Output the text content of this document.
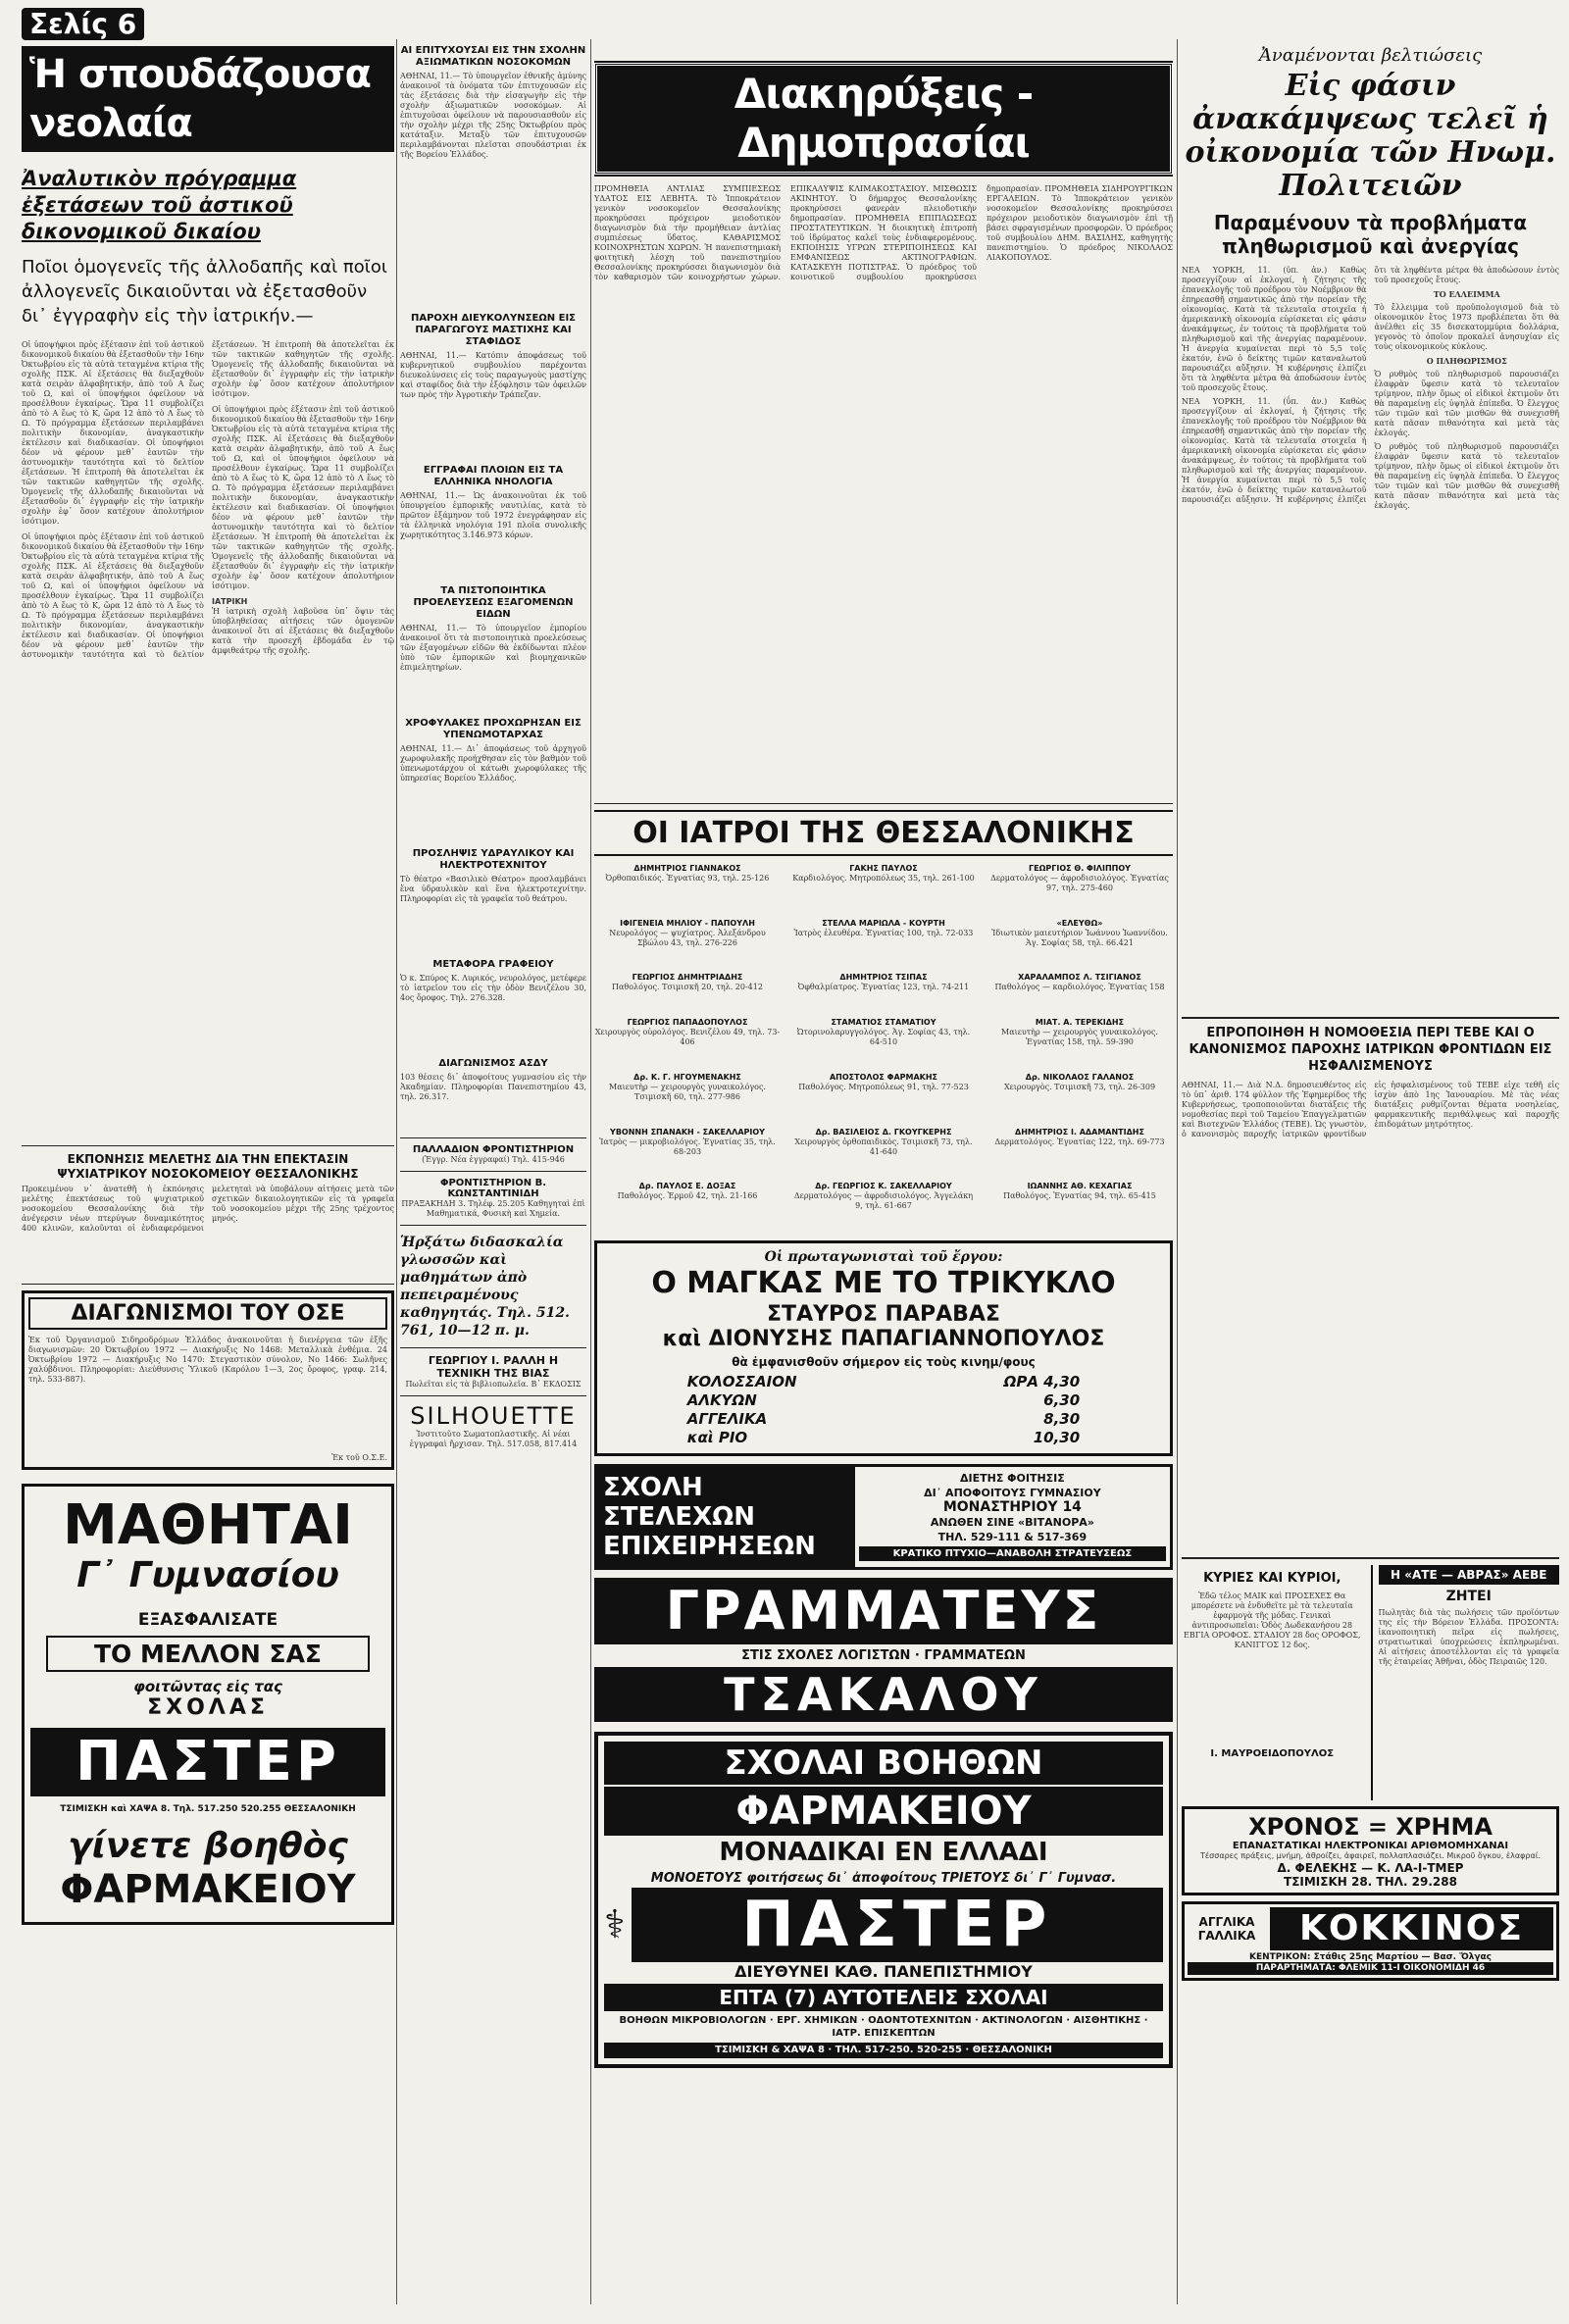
Σελίς 6
Ἡ σπουδάζουσα νεολαία
Ἀναλυτικὸν πρόγραμμα ἐξετάσεων τοῦ ἀστικοῦ δικονομικοῦ δικαίου

Ποῖοι ὁμογενεῖς τῆς ἀλλοδαπῆς καὶ ποῖοι ἀλλογενεῖς δικαιοῦνται νὰ ἐξετασθοῦν δι᾽ ἐγγραφὴν εἰς τὴν ἰατρικήν.—

Οἱ ὑποψήφιοι πρὸς ἐξέτασιν ἐπὶ τοῦ ἀστικοῦ δικονομικοῦ δικαίου θὰ ἐξετασθοῦν τὴν 16ην Ὀκτωβρίου εἰς τὰ αὐτὰ τεταγμένα κτίρια τῆς σχολῆς ΠΣΚ. Αἱ ἐξετάσεις θὰ διεξαχθοῦν κατὰ σειρὰν ἀλφαβητικήν, ἀπὸ τοῦ Α ἕως τοῦ Ω, καὶ οἱ ὑποψήφιοι ὀφείλουν νὰ προσέλθουν ἐγκαίρως. Ὥρα 11 συμβολίζει ἀπὸ τὸ Α ἕως τὸ Κ, ὥρα 12 ἀπὸ τὸ Λ ἕως τὸ Ω. Τὸ πρόγραμμα ἐξετάσεων περιλαμβάνει πολιτικὴν δικονομίαν, ἀναγκαστικὴν ἐκτέλεσιν καὶ διαδικασίαν. Οἱ ὑποψήφιοι δέον νὰ φέρουν μεθ᾽ ἑαυτῶν τὴν ἀστυνομικὴν ταυτότητα καὶ τὸ δελτίον ἐξετάσεων. Ἡ ἐπιτροπὴ θὰ ἀποτελεῖται ἐκ τῶν τακτικῶν καθηγητῶν τῆς σχολῆς. Ὁμογενεῖς τῆς ἀλλοδαπῆς δικαιοῦνται νὰ ἐξετασθοῦν δι᾽ ἐγγραφὴν εἰς τὴν ἰατρικὴν σχολὴν ἐφ᾽ ὅσον κατέχουν ἀπολυτήριον ἰσότιμον.

Οἱ ὑποψήφιοι πρὸς ἐξέτασιν ἐπὶ τοῦ ἀστικοῦ δικονομικοῦ δικαίου θὰ ἐξετασθοῦν τὴν 16ην Ὀκτωβρίου εἰς τὰ αὐτὰ τεταγμένα κτίρια τῆς σχολῆς ΠΣΚ. Αἱ ἐξετάσεις θὰ διεξαχθοῦν κατὰ σειρὰν ἀλφαβητικήν, ἀπὸ τοῦ Α ἕως τοῦ Ω, καὶ οἱ ὑποψήφιοι ὀφείλουν νὰ προσέλθουν ἐγκαίρως. Ὥρα 11 συμβολίζει ἀπὸ τὸ Α ἕως τὸ Κ, ὥρα 12 ἀπὸ τὸ Λ ἕως τὸ Ω. Τὸ πρόγραμμα ἐξετάσεων περιλαμβάνει πολιτικὴν δικονομίαν, ἀναγκαστικὴν ἐκτέλεσιν καὶ διαδικασίαν. Οἱ ὑποψήφιοι δέον νὰ φέρουν μεθ᾽ ἑαυτῶν τὴν ἀστυνομικὴν ταυτότητα καὶ τὸ δελτίον ἐξετάσεων. Ἡ ἐπιτροπὴ θὰ ἀποτελεῖται ἐκ τῶν τακτικῶν καθηγητῶν τῆς σχολῆς. Ὁμογενεῖς τῆς ἀλλοδαπῆς δικαιοῦνται νὰ ἐξετασθοῦν δι᾽ ἐγγραφὴν εἰς τὴν ἰατρικὴν σχολὴν ἐφ᾽ ὅσον κατέχουν ἀπολυτήριον ἰσότιμον.

Οἱ ὑποψήφιοι πρὸς ἐξέτασιν ἐπὶ τοῦ ἀστικοῦ δικονομικοῦ δικαίου θὰ ἐξετασθοῦν τὴν 16ην Ὀκτωβρίου εἰς τὰ αὐτὰ τεταγμένα κτίρια τῆς σχολῆς ΠΣΚ. Αἱ ἐξετάσεις θὰ διεξαχθοῦν κατὰ σειρὰν ἀλφαβητικήν, ἀπὸ τοῦ Α ἕως τοῦ Ω, καὶ οἱ ὑποψήφιοι ὀφείλουν νὰ προσέλθουν ἐγκαίρως. Ὥρα 11 συμβολίζει ἀπὸ τὸ Α ἕως τὸ Κ, ὥρα 12 ἀπὸ τὸ Λ ἕως τὸ Ω. Τὸ πρόγραμμα ἐξετάσεων περιλαμβάνει πολιτικὴν δικονομίαν, ἀναγκαστικὴν ἐκτέλεσιν καὶ διαδικασίαν. Οἱ ὑποψήφιοι δέον νὰ φέρουν μεθ᾽ ἑαυτῶν τὴν ἀστυνομικὴν ταυτότητα καὶ τὸ δελτίον ἐξετάσεων. Ἡ ἐπιτροπὴ θὰ ἀποτελεῖται ἐκ τῶν τακτικῶν καθηγητῶν τῆς σχολῆς. Ὁμογενεῖς τῆς ἀλλοδαπῆς δικαιοῦνται νὰ ἐξετασθοῦν δι᾽ ἐγγραφὴν εἰς τὴν ἰατρικὴν σχολὴν ἐφ᾽ ὅσον κατέχουν ἀπολυτήριον ἰσότιμον.

ΙΑΤΡΙΚΗ

Ἡ ἰατρικὴ σχολὴ λαβοῦσα ὑπ᾽ ὄψιν τὰς ὑποβληθείσας αἰτήσεις τῶν ὁμογενῶν ἀνακοινοῖ ὅτι αἱ ἐξετάσεις θὰ διεξαχθοῦν κατὰ τὴν προσεχῆ ἑβδομάδα ἐν τῷ ἀμφιθεάτρῳ τῆς σχολῆς.

ΕΚΠΟΝΗΣΙΣ ΜΕΛΕΤΗΣ ΔΙΑ ΤΗΝ ΕΠΕΚΤΑΣΙΝ ΨΥΧΙΑΤΡΙΚΟΥ ΝΟΣΟΚΟΜΕΙΟΥ ΘΕΣΣΑΛΟΝΙΚΗΣ

Προκειμένου ν᾽ ἀνατεθῆ ἡ ἐκπόνησις μελέτης ἐπεκτάσεως τοῦ ψυχιατρικοῦ νοσοκομείου Θεσσαλονίκης διὰ τὴν ἀνέγερσιν νέων πτερύγων δυναμικότητος 400 κλινῶν, καλοῦνται οἱ ἐνδιαφερόμενοι μελετηταὶ νὰ ὑποβάλουν αἰτήσεις μετὰ τῶν σχετικῶν δικαιολογητικῶν εἰς τὰ γραφεῖα τοῦ νοσοκομείου μέχρι τῆς 25ης τρέχοντος μηνός.

ΔΙΑΓΩΝΙΣΜΟΙ ΤΟΥ ΟΣΕ

Ἐκ τοῦ Ὀργανισμοῦ Σιδηροδρόμων Ἑλλάδος ἀνακοινοῦται ἡ διενέργεια τῶν ἑξῆς διαγωνισμῶν: 20 Ὀκτωβρίου 1972 — Διακήρυξις Νο 1468: Μεταλλικὰ ἐνθέμια. 24 Ὀκτωβρίου 1972 — Διακήρυξις Νο 1470: Στεγαστικὸν σύνολον, Νο 1466: Σωλῆνες χαλύβδινοι. Πληροφορίαι: Διεύθυνσις Ὑλικοῦ (Καρόλου 1—3, 2ος ὄροφος, γραφ. 214, τηλ. 533-887).

Ἐκ τοῦ Ο.Σ.Ε.

ΜΑΘΗΤΑΙ
Γ᾽ Γυμνασίου
ΕΞΑΣΦΑΛΙΣΑΤΕ
ΤΟ ΜΕΛΛΟΝ ΣΑΣ
φοιτῶντας εἰς τας
ΣΧΟΛΑΣ
ΠΑΣΤΕΡ
ΤΣΙΜΙΣΚΗ καὶ ΧΑΨΑ 8. Τηλ. 517.250 520.255 ΘΕΣΣΑΛΟΝΙΚΗ
γίνετε βοηθὸς
ΦΑΡΜΑΚΕΙΟΥ
ΑΙ ΕΠΙΤΥΧΟΥΣΑΙ ΕΙΣ ΤΗΝ ΣΧΟΛΗΝ ΑΞΙΩΜΑΤΙΚΩΝ ΝΟΣΟΚΟΜΩΝ

ΑΘΗΝΑΙ, 11.— Τὸ ὑπουργεῖον ἐθνικῆς ἀμύνης ἀνακοινοῖ τὰ ὀνόματα τῶν ἐπιτυχουσῶν εἰς τὰς ἐξετάσεις διὰ τὴν εἰσαγωγὴν εἰς τὴν σχολὴν ἀξιωματικῶν νοσοκόμων. Αἱ ἐπιτυχοῦσαι ὀφείλουν νὰ παρουσιασθοῦν εἰς τὴν σχολὴν μέχρι τῆς 25ης Ὀκτωβρίου πρὸς κατάταξιν. Μεταξὺ τῶν ἐπιτυχουσῶν περιλαμβάνονται πλεῖσται σπουδάστριαι ἐκ τῆς Βορείου Ἑλλάδος.

ΠΑΡΟΧΗ ΔΙΕΥΚΟΛΥΝΣΕΩΝ ΕΙΣ ΠΑΡΑΓΩΓΟΥΣ ΜΑΣΤΙΧΗΣ ΚΑΙ ΣΤΑΦΙΔΟΣ

ΑΘΗΝΑΙ, 11.— Κατόπιν ἀποφάσεως τοῦ κυβερνητικοῦ συμβουλίου παρέχονται διευκολύνσεις εἰς τοὺς παραγωγοὺς μαστίχης καὶ σταφίδος διὰ τὴν ἐξόφλησιν τῶν ὀφειλῶν των πρὸς τὴν Ἀγροτικὴν Τράπεζαν.

ΕΓΓΡΑΦΑΙ ΠΛΟΙΩΝ ΕΙΣ ΤΑ ΕΛΛΗΝΙΚΑ ΝΗΟΛΟΓΙΑ

ΑΘΗΝΑΙ, 11.— Ὡς ἀνακοινοῦται ἐκ τοῦ ὑπουργείου ἐμπορικῆς ναυτιλίας, κατὰ τὸ πρῶτον ἑξάμηνον τοῦ 1972 ἐνεγράφησαν εἰς τὰ ἑλληνικὰ νηολόγια 191 πλοῖα συνολικῆς χωρητικότητος 3.146.973 κόρων.

ΤΑ ΠΙΣΤΟΠΟΙΗΤΙΚΑ ΠΡΟΕΛΕΥΣΕΩΣ ΕΞΑΓΟΜΕΝΩΝ ΕΙΔΩΝ

ΑΘΗΝΑΙ, 11.— Τὸ ὑπουργεῖον ἐμπορίου ἀνακοινοῖ ὅτι τὰ πιστοποιητικὰ προελεύσεως τῶν ἐξαγομένων εἰδῶν θὰ ἐκδίδωνται πλέον ὑπὸ τῶν ἐμπορικῶν καὶ βιομηχανικῶν ἐπιμελητηρίων.

ΧΡΟΦΥΛΑΚΕΣ ΠΡΟΧΩΡΗΣΑΝ ΕΙΣ ΥΠΕΝΩΜΟΤΑΡΧΑΣ

ΑΘΗΝΑΙ, 11.— Δι᾽ ἀποφάσεως τοῦ ἀρχηγοῦ χωροφυλακῆς προήχθησαν εἰς τὸν βαθμὸν τοῦ ὑπενωμοτάρχου οἱ κάτωθι χωροφύλακες τῆς ὑπηρεσίας Βορείου Ἑλλάδος.

ΠΡΟΣΛΗΨΙΣ ΥΔΡΑΥΛΙΚΟΥ ΚΑΙ ΗΛΕΚΤΡΟΤΕΧΝΙΤΟΥ

Τὸ θέατρο «Βασιλικὸ Θέατρο» προσλαμβάνει ἕνα ὑδραυλικὸν καὶ ἕνα ἠλεκτροτεχνίτην. Πληροφορίαι εἰς τὰ γραφεῖα τοῦ θεάτρου.

ΜΕΤΑΦΟΡΑ ΓΡΑΦΕΙΟΥ

Ὁ κ. Σπύρος Κ. Λυρικός, νευρολόγος, μετέφερε τὸ ἰατρεῖον του εἰς τὴν ὁδὸν Βενιζέλου 30, 4ος ὄροφος. Τηλ. 276.328.

ΔΙΑΓΩΝΙΣΜΟΣ ΑΣΔΥ

103 θέσεις δι᾽ ἀποφοίτους γυμνασίου εἰς τὴν Ἀκαδημίαν. Πληροφορίαι Πανεπιστημίου 43, τηλ. 26.317.

ΠΑΛΛΑΔΙΟΝ ΦΡΟΝΤΙΣΤΗΡΙΟΝ
(Ἐγγρ. Νέα ἐγγραφαί) Τηλ. 415-946
ΦΡΟΝΤΙΣΤΗΡΙΟΝ Β. ΚΩΝΣΤΑΝΤΙΝΙΔΗ
ΠΡΑΞΑΚΗΔΗ 3. Τηλέφ. 25.205 Καθηγηταὶ ἐπὶ Μαθηματικά, Φυσικὴ καὶ Χημεία.

Ἡρξάτω διδασκαλία γλωσσῶν καὶ μαθημάτων ἀπὸ πεπειραμένους καθηγητάς. Τηλ. 512. 761, 10—12 π. μ.

ΓΕΩΡΓΙΟΥ Ι. ΡΑΛΛΗ Η ΤΕΧΝΙΚΗ ΤΗΣ ΒΙΑΣ
Πωλεῖται εἰς τὰ βιβλιοπωλεῖα. Β᾽ ΕΚΔΟΣΙΣ
SILHOUETTE
Ἰνστιτοῦτο Σωματοπλαστικῆς. Αἱ νέαι ἐγγραφαὶ ἤρχισαν. Τηλ. 517.058, 817.414
Διακηρύξεις - Δημοπρασίαι

ΠΡΟΜΗΘΕΙΑ ΑΝΤΛΙΑΣ ΣΥΜΠΙΕΣΕΩΣ ΥΔΑΤΟΣ ΕΙΣ ΛΕΒΗΤΑ. Τὸ Ἱπποκράτειον γενικὸν νοσοκομεῖον Θεσσαλονίκης προκηρύσσει πρόχειρον μειοδοτικὸν διαγωνισμὸν διὰ τὴν προμήθειαν ἀντλίας συμπιέσεως ὕδατος. ΚΑΘΑΡΙΣΜΟΣ ΚΟΙΝΟΧΡΗΣΤΩΝ ΧΩΡΩΝ. Ἡ πανεπιστημιακὴ φοιτητικὴ λέσχη τοῦ πανεπιστημίου Θεσσαλονίκης προκηρύσσει διαγωνισμὸν διὰ τὸν καθαρισμὸν τῶν κοινοχρήστων χώρων. ΕΠΙΚΑΛΥΨΙΣ ΚΛΙΜΑΚΟΣΤΑΣΙΟΥ. ΜΙΣΘΩΣΙΣ ΑΚΙΝΗΤΟΥ. Ὁ δήμαρχος Θεσσαλονίκης προκηρύσσει φανερὰν πλειοδοτικὴν δημοπρασίαν. ΠΡΟΜΗΘΕΙΑ ΕΠΙΠΛΩΣΕΩΣ ΠΡΟΣΤΑΤΕΥΤΙΚΩΝ. Ἡ διοικητικὴ ἐπιτροπὴ τοῦ ἱδρύματος καλεῖ τοὺς ἐνδιαφερομένους. ΕΚΠΟΙΗΣΙΣ ΥΓΡΩΝ ΣΤΕΡΙΠΟΙΗΣΕΩΣ ΚΑΙ ΕΜΦΑΝΙΣΕΩΣ ΑΚΤΙΝΟΓΡΑΦΙΩΝ. ΚΑΤΑΣΚΕΥΗ ΠΟΤΙΣΤΡΑΣ. Ὁ πρόεδρος τοῦ κοινοτικοῦ συμβουλίου προκηρύσσει δημοπρασίαν. ΠΡΟΜΗΘΕΙΑ ΣΙΔΗΡΟΥΡΓΙΚΩΝ ΕΡΓΑΛΕΙΩΝ. Τὸ Ἱπποκράτειον γενικὸν νοσοκομεῖον Θεσσαλονίκης προκηρύσσει πρόχειρον μειοδοτικὸν διαγωνισμὸν ἐπὶ τῇ βάσει σφραγισμένων προσφορῶν. Ὁ πρόεδρος τοῦ συμβουλίου ΔΗΜ. ΒΑΣΙΛΗΣ, καθηγητὴς πανεπιστημίου. Ὁ πρόεδρος ΝΙΚΟΛΑΟΣ ΛΙΑΚΟΠΟΥΛΟΣ.

ΟΙ ΙΑΤΡΟΙ ΤΗΣ ΘΕΣΣΑΛΟΝΙΚΗΣ
ΔΗΜΗΤΡΙΟΣ ΓΙΑΝΝΑΚΟΣ
Ὀρθοπαιδικός. Ἐγνατίας 93, τηλ. 25-126
ΓΑΚΗΣ ΠΑΥΛΟΣ
Καρδιολόγος. Μητροπόλεως 35, τηλ. 261-100
ΓΕΩΡΓΙΟΣ Θ. ΦΙΛΙΠΠΟΥ
Δερματολόγος — ἀφροδισιολόγος. Ἐγνατίας 97, τηλ. 275-460
ΙΦΙΓΕΝΕΙΑ ΜΗΛΙΟΥ - ΠΑΠΟΥΛΗ
Νευρολόγος — ψυχίατρος. Ἀλεξάνδρου Σβώλου 43, τηλ. 276-226
ΣΤΕΛΛΑ ΜΑΡΙΩΛΑ - ΚΟΥΡΤΗ
Ἰατρὸς ἐλευθέρα. Ἐγνατίας 100, τηλ. 72-033
«ΕΛΕΥΘΩ»
Ἰδιωτικὸν μαιευτήριον Ἰωάννου Ἰωαννίδου. Ἁγ. Σοφίας 58, τηλ. 66.421
ΓΕΩΡΓΙΟΣ ΔΗΜΗΤΡΙΑΔΗΣ
Παθολόγος. Τσιμισκῆ 20, τηλ. 20-412
ΔΗΜΗΤΡΙΟΣ ΤΣΙΠΑΣ
Ὀφθαλμίατρος. Ἐγνατίας 123, τηλ. 74-211
ΧΑΡΑΛΑΜΠΟΣ Λ. ΤΣΙΓΙΑΝΟΣ
Παθολόγος — καρδιολόγος. Ἐγνατίας 158
ΓΕΩΡΓΙΟΣ ΠΑΠΑΔΟΠΟΥΛΟΣ
Χειρουργὸς οὐρολόγος. Βενιζέλου 49, τηλ. 73-406
ΣΤΑΜΑΤΙΟΣ ΣΤΑΜΑΤΙΟΥ
Ὠτορινολαρυγγολόγος. Ἁγ. Σοφίας 43, τηλ. 64-510
ΜΙΑΤ. Α. ΤΕΡΕΚΙΔΗΣ
Μαιευτὴρ — χειρουργὸς γυναικολόγος. Ἐγνατίας 158, τηλ. 59-390
Δρ. Κ. Γ. ΗΓΟΥΜΕΝΑΚΗΣ
Μαιευτὴρ — χειρουργὸς γυναικολόγος. Τσιμισκῆ 60, τηλ. 277-986
ΑΠΟΣΤΟΛΟΣ ΦΑΡΜΑΚΗΣ
Παθολόγος. Μητροπόλεως 91, τηλ. 77-523
Δρ. ΝΙΚΟΛΑΟΣ ΓΑΛΑΝΟΣ
Χειρουργὸς. Τσιμισκῆ 73, τηλ. 26-309
ΥΒΟΝΝΗ ΣΠΑΝΑΚΗ - ΣΑΚΕΛΛΑΡΙΟΥ
Ἰατρὸς — μικροβιολόγος. Ἐγνατίας 35, τηλ. 68-203
Δρ. ΒΑΣΙΛΕΙΟΣ Δ. ΓΚΟΥΓΚΕΡΗΣ
Χειρουργὸς ὀρθοπαιδικὸς. Τσιμισκῆ 73, τηλ. 41-640
ΔΗΜΗΤΡΙΟΣ Ι. ΑΔΑΜΑΝΤΙΔΗΣ
Δερματολόγος. Ἐγνατίας 122, τηλ. 69-773
Δρ. ΠΑΥΛΟΣ Ε. ΔΟΞΑΣ
Παθολόγος. Ἐρμοῦ 42, τηλ. 21-166
Δρ. ΓΕΩΡΓΙΟΣ Κ. ΣΑΚΕΛΛΑΡΙΟΥ
Δερματολόγος — ἀφροδισιολόγος. Ἀγγελάκη 9, τηλ. 61-667
ΙΩΑΝΝΗΣ ΑΘ. ΚΕΧΑΓΙΑΣ
Παθολόγος. Ἐγνατίας 94, τηλ. 65-415
Οἱ πρωταγωνισταὶ τοῦ ἔργου:
Ο ΜΑΓΚΑΣ ΜΕ ΤΟ ΤΡΙΚΥΚΛΟ
ΣΤΑΥΡΟΣ ΠΑΡΑΒΑΣ
καὶ ΔΙΟΝΥΣΗΣ ΠΑΠΑΓΙΑΝΝΟΠΟΥΛΟΣ
θὰ ἐμφανισθοῦν σήμερον εἰς τοὺς κινημ/φους
ΚΟΛΟΣΣΑΙΟΝ	ΩΡΑ 4,30
ΑΛΚΥΩΝ	6,30
ΑΓΓΕΛΙΚΑ	8,30
καὶ ΡΙΟ	10,30
ΣΧΟΛΗ ΣΤΕΛΕΧΩΝ ΕΠΙΧΕΙΡΗΣΕΩΝ
ΔΙΕΤΗΣ ΦΟΙΤΗΣΙΣ
ΔΙ᾽ ΑΠΟΦΟΙΤΟΥΣ ΓΥΜΝΑΣΙΟΥ
ΜΟΝΑΣΤΗΡΙΟΥ 14
ΑΝΩΘΕΝ ΣΙΝΕ «ΒΙΤΑΝΟΡΑ»
ΤΗΛ. 529-111 & 517-369
ΚΡΑΤΙΚΟ ΠΤΥΧΙΟ—ΑΝΑΒΟΛΗ ΣΤΡΑΤΕΥΣΕΩΣ
ΓΡΑΜΜΑΤΕΥΣ
ΣΤΙΣ ΣΧΟΛΕΣ ΛΟΓΙΣΤΩΝ · ΓΡΑΜΜΑΤΕΩΝ
ΤΣΑΚΑΛΟΥ
ΣΧΟΛΑΙ ΒΟΗΘΩΝ
ΦΑΡΜΑΚΕΙΟΥ
ΜΟΝΑΔΙΚΑΙ ΕΝ ΕΛΛΑΔΙ
ΜΟΝΟΕΤΟΥΣ φοιτήσεως δι᾽ ἀποφοίτους ΤΡΙΕΤΟΥΣ δι᾽ Γ᾽ Γυμνασ.
⚕	ΠΑΣΤΕΡ
ΔΙΕΥΘΥΝΕΙ ΚΑΘ. ΠΑΝΕΠΙΣΤΗΜΙΟΥ
ΕΠΤΑ (7) ΑΥΤΟΤΕΛΕΙΣ ΣΧΟΛΑΙ
ΒΟΗΘΩΝ ΜΙΚΡΟΒΙΟΛΟΓΩΝ · ΕΡΓ. ΧΗΜΙΚΩΝ · ΟΔΟΝΤΟΤΕΧΝΙΤΩΝ · ΑΚΤΙΝΟΛΟΓΩΝ · ΑΙΣΘΗΤΙΚΗΣ · ΙΑΤΡ. ΕΠΙΣΚΕΠΤΩΝ
ΤΣΙΜΙΣΚΗ & ΧΑΨΑ 8 · ΤΗΛ. 517-250. 520-255 · ΘΕΣΣΑΛΟΝΙΚΗ
Ἀναμένονται βελτιώσεις
Εἰς φάσιν ἀνακάμψεως τελεῖ ἡ οἰκονομία τῶν Ηνωμ. Πολιτειῶν
Παραμένουν τὰ προβλήματα πληθωρισμοῦ καὶ ἀνεργίας

ΝΕΑ ΥΟΡΚΗ, 11. (ΰπ. ἀν.) Καθὼς προσεγγίζουν αἱ ἐκλογαί, ἡ ζήτησις τῆς ἐπανεκλογῆς τοῦ προέδρου τὸν Νοέμβριον θὰ ἐπηρεασθῆ σημαντικῶς ἀπὸ τὴν πορείαν τῆς οἰκονομίας. Κατὰ τὰ τελευταῖα στοιχεῖα ἡ ἀμερικανικὴ οἰκονομία εὑρίσκεται εἰς φάσιν ἀνακάμψεως, ἐν τούτοις τὰ προβλήματα τοῦ πληθωρισμοῦ καὶ τῆς ἀνεργίας παραμένουν. Ἡ ἀνεργία κυμαίνεται περὶ τὸ 5,5 τοῖς ἑκατόν, ἐνῶ ὁ δείκτης τιμῶν καταναλωτοῦ παρουσιάζει αὔξησιν. Ἡ κυβέρνησις ἐλπίζει ὅτι τὰ ληφθέντα μέτρα θὰ ἀποδώσουν ἐντὸς τοῦ προσεχοῦς ἔτους.

ΝΕΑ ΥΟΡΚΗ, 11. (ΰπ. ἀν.) Καθὼς προσεγγίζουν αἱ ἐκλογαί, ἡ ζήτησις τῆς ἐπανεκλογῆς τοῦ προέδρου τὸν Νοέμβριον θὰ ἐπηρεασθῆ σημαντικῶς ἀπὸ τὴν πορείαν τῆς οἰκονομίας. Κατὰ τὰ τελευταῖα στοιχεῖα ἡ ἀμερικανικὴ οἰκονομία εὑρίσκεται εἰς φάσιν ἀνακάμψεως, ἐν τούτοις τὰ προβλήματα τοῦ πληθωρισμοῦ καὶ τῆς ἀνεργίας παραμένουν. Ἡ ἀνεργία κυμαίνεται περὶ τὸ 5,5 τοῖς ἑκατόν, ἐνῶ ὁ δείκτης τιμῶν καταναλωτοῦ παρουσιάζει αὔξησιν. Ἡ κυβέρνησις ἐλπίζει ὅτι τὰ ληφθέντα μέτρα θὰ ἀποδώσουν ἐντὸς τοῦ προσεχοῦς ἔτους.

ΤΟ ΕΛΛΕΙΜΜΑ

Τὸ ἔλλειμμα τοῦ προϋπολογισμοῦ διὰ τὸ οἰκονομικὸν ἔτος 1973 προβλέπεται ὅτι θὰ ἀνέλθει εἰς 35 δισεκατομμύρια δολλάρια, γεγονὸς τὸ ὁποῖον προκαλεῖ ἀνησυχίαν εἰς τοὺς οἰκονομικοὺς κύκλους.

Ο ΠΛΗΘΩΡΙΣΜΟΣ

Ὁ ρυθμὸς τοῦ πληθωρισμοῦ παρουσιάζει ἐλαφρὰν ὕφεσιν κατὰ τὸ τελευταῖον τρίμηνον, πλὴν ὅμως οἱ εἰδικοὶ ἐκτιμοῦν ὅτι θὰ παραμείνῃ εἰς ὑψηλὰ ἐπίπεδα. Ὁ ἔλεγχος τῶν τιμῶν καὶ τῶν μισθῶν θὰ συνεχισθῆ κατὰ πᾶσαν πιθανότητα καὶ μετὰ τὰς ἐκλογάς.

Ὁ ρυθμὸς τοῦ πληθωρισμοῦ παρουσιάζει ἐλαφρὰν ὕφεσιν κατὰ τὸ τελευταῖον τρίμηνον, πλὴν ὅμως οἱ εἰδικοὶ ἐκτιμοῦν ὅτι θὰ παραμείνῃ εἰς ὑψηλὰ ἐπίπεδα. Ὁ ἔλεγχος τῶν τιμῶν καὶ τῶν μισθῶν θὰ συνεχισθῆ κατὰ πᾶσαν πιθανότητα καὶ μετὰ τὰς ἐκλογάς.

ΕΠΡΟΠΟΙΗΘΗ Η ΝΟΜΟΘΕΣΙΑ ΠΕΡΙ ΤΕΒΕ ΚΑΙ Ο ΚΑΝΟΝΙΣΜΟΣ ΠΑΡΟΧΗΣ ΙΑΤΡΙΚΩΝ ΦΡΟΝΤΙΔΩΝ ΕΙΣ ΗΣΦΑΛΙΣΜΕΝΟΥΣ

ΑΘΗΝΑΙ, 11.— Διὰ Ν.Δ. δημοσιευθέντος εἰς τὸ ὑπ᾽ ἀριθ. 174 φύλλον τῆς Ἐφημερίδος τῆς Κυβερνήσεως, τροποποιοῦνται διατάξεις τῆς νομοθεσίας περὶ τοῦ Ταμείου Ἐπαγγελματιῶν καὶ Βιοτεχνῶν Ἑλλάδος (ΤΕΒΕ). Ὡς γνωστὸν, ὁ κανονισμὸς παροχῆς ἰατρικῶν φροντίδων εἰς ἠσφαλισμένους τοῦ ΤΕΒΕ εἶχε τεθῆ εἰς ἰσχὺν ἀπὸ 1ης Ἰανουαρίου. Μὲ τὰς νέας διατάξεις ρυθμίζονται θέματα νοσηλείας, φαρμακευτικῆς περιθάλψεως καὶ παροχῆς ἐπιδομάτων μητρότητος.

ΚΥΡΙΕΣ ΚΑΙ ΚΥΡΙΟΙ,

Ἐδῶ τέλος ΜΑΙΚ καὶ ΠΡΟΣΕΧΕΣ Θα μπορέσετε νὰ ἐνδυθεῖτε μὲ τὰ τελευταῖα ἐφαρμογὰ τῆς μόδας. Γενικαὶ ἀντιπροσωπεῖαι: Ὁδὸς Δωδεκανήσου 28 ΕΒΓΙΑ ΟΡΟΦΟΣ. ΣΤΑΔΙΟΥ 28 δος ΟΡΟΦΟΣ, ΚΑΝΙΓΓΟΣ 12 δος.

Ι. ΜΑΥΡΟΕΙΔΟΠΟΥΛΟΣ
Η «ΑΤΕ — ΑΒΡΑΣ» ΑΕΒΕ
ΖΗΤΕΙ

Πωλητὰς διὰ τὰς πωλήσεις τῶν προϊόντων της εἰς τὴν Βόρειον Ἑλλάδα. ΠΡΟΣΟΝΤΑ: ἱκανοποιητικὴ πεῖρα εἰς πωλήσεις, στρατιωτικαὶ ὑποχρεώσεις ἐκπληρωμέναι. Αἱ αἰτήσεις ἀποστέλλονται εἰς τὰ γραφεῖα τῆς ἑταιρείας Ἀθῆναι, ὁδὸς Πειραιῶς 120.

ΧΡΟΝΟΣ = ΧΡΗΜΑ
ΕΠΑΝΑΣΤΑΤΙΚΑΙ ΗΛΕΚΤΡΟΝΙΚΑΙ ΑΡΙΘΜΟΜΗΧΑΝΑΙ

Τέσσαρες πράξεις, μνήμη, ἀθροίζει, ἀφαιρεῖ, πολλαπλασιάζει. Μικροῦ ὄγκου, ἐλαφραί.

Δ. ΦΕΛΕΚΗΣ — Κ. ΛΑ-Ι-ΤΜΕΡ
ΤΣΙΜΙΣΚΗ 28. ΤΗΛ. 29.288
ΑΓΓΛΙΚΑ ΓΑΛΛΙΚΑ	ΚΟΚΚΙΝΟΣ
ΚΕΝΤΡΙΚΟΝ: Στάθις 25ης Μαρτίου — Βασ. Ὄλγας
ΠΑΡΑΡΤΗΜΑΤΑ: ΦΛΕΜΙΚ 11-Ι ΟΙΚΟΝΟΜΙΔΗ 46
